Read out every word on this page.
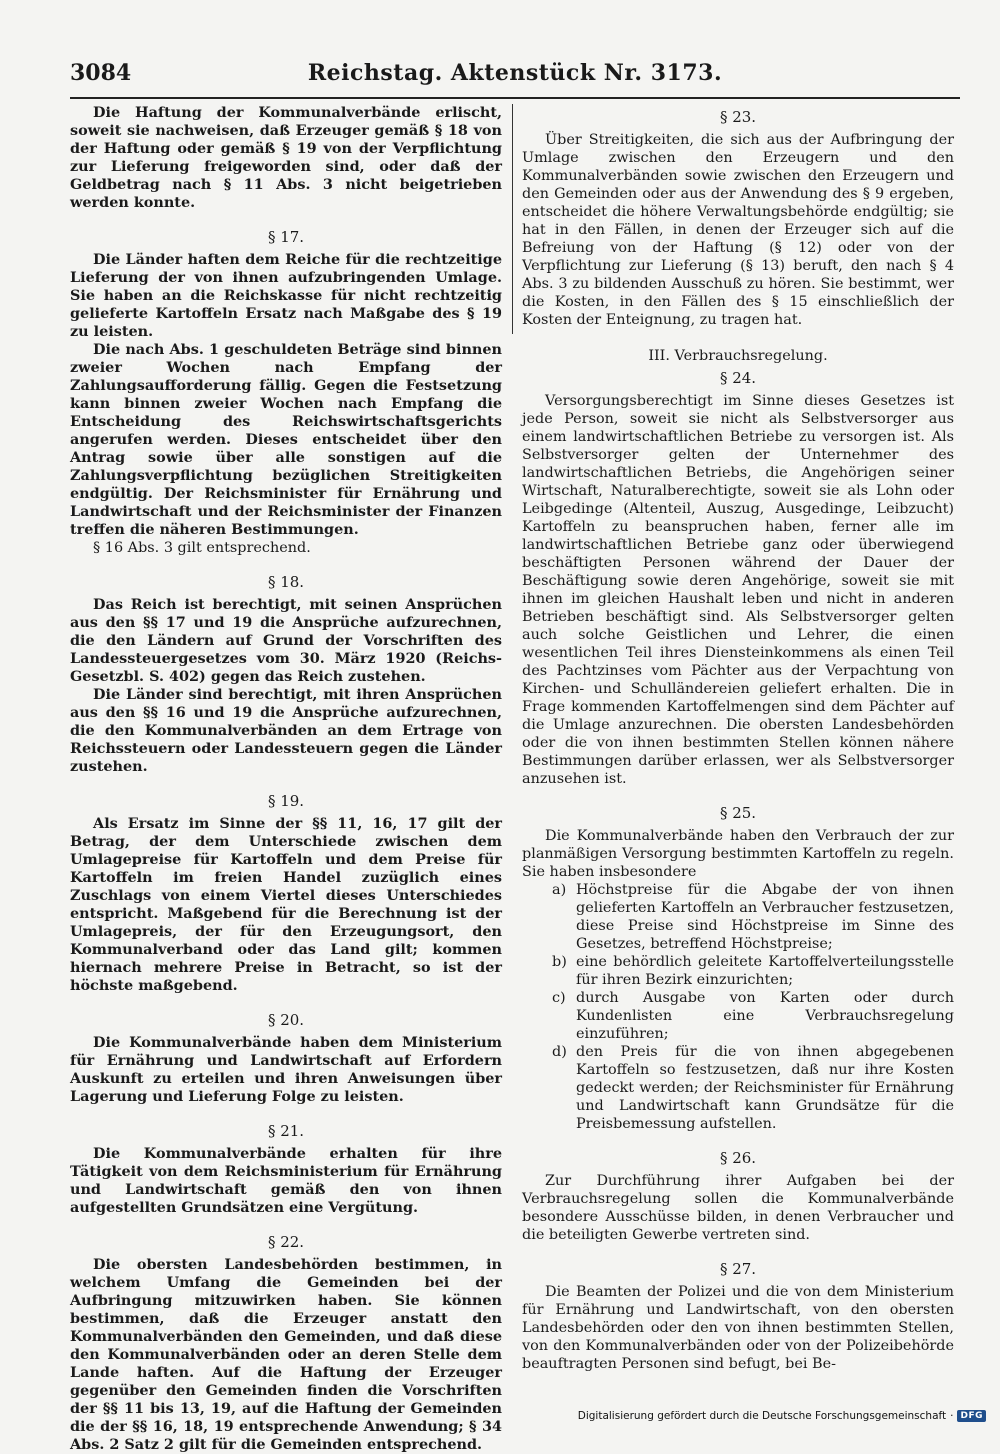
3084	Reichstag. Aktenstück Nr. 3173.

Die Haftung der Kommunalverbände erlischt, soweit sie nachweisen, daß Erzeuger gemäß § 18 von der Haftung oder gemäß § 19 von der Verpflichtung zur Lieferung freigeworden sind, oder daß der Geldbetrag nach § 11 Abs. 3 nicht beigetrieben werden konnte.

§ 17.

Die Länder haften dem Reiche für die rechtzeitige Lieferung der von ihnen aufzubringenden Umlage. Sie haben an die Reichskasse für nicht rechtzeitig gelieferte Kartoffeln Ersatz nach Maßgabe des § 19 zu leisten.

Die nach Abs. 1 geschuldeten Beträge sind binnen zweier Wochen nach Empfang der Zahlungsaufforderung fällig. Gegen die Festsetzung kann binnen zweier Wochen nach Empfang die Entscheidung des Reichswirtschaftsgerichts angerufen werden. Dieses entscheidet über den Antrag sowie über alle sonstigen auf die Zahlungsverpflichtung bezüglichen Streitigkeiten endgültig. Der Reichsminister für Ernährung und Landwirtschaft und der Reichsminister der Finanzen treffen die näheren Bestimmungen.

§ 16 Abs. 3 gilt entsprechend.

§ 18.

Das Reich ist berechtigt, mit seinen Ansprüchen aus den §§ 17 und 19 die Ansprüche aufzurechnen, die den Ländern auf Grund der Vorschriften des Landessteuergesetzes vom 30. März 1920 (Reichs-Gesetzbl. S. 402) gegen das Reich zustehen.

Die Länder sind berechtigt, mit ihren Ansprüchen aus den §§ 16 und 19 die Ansprüche aufzurechnen, die den Kommunalverbänden an dem Ertrage von Reichssteuern oder Landessteuern gegen die Länder zustehen.

§ 19.

Als Ersatz im Sinne der §§ 11, 16, 17 gilt der Betrag, der dem Unterschiede zwischen dem Umlagepreise für Kartoffeln und dem Preise für Kartoffeln im freien Handel zuzüglich eines Zuschlags von einem Viertel dieses Unterschiedes entspricht. Maßgebend für die Berechnung ist der Umlagepreis, der für den Erzeugungsort, den Kommunalverband oder das Land gilt; kommen hiernach mehrere Preise in Betracht, so ist der höchste maßgebend.

§ 20.

Die Kommunalverbände haben dem Ministerium für Ernährung und Landwirtschaft auf Erfordern Auskunft zu erteilen und ihren Anweisungen über Lagerung und Lieferung Folge zu leisten.

§ 21.

Die Kommunalverbände erhalten für ihre Tätigkeit von dem Reichsministerium für Ernährung und Landwirtschaft gemäß den von ihnen aufgestellten Grundsätzen eine Vergütung.

§ 22.

Die obersten Landesbehörden bestimmen, in welchem Umfang die Gemeinden bei der Aufbringung mitzuwirken haben. Sie können bestimmen, daß die Erzeuger anstatt den Kommunalverbänden den Gemeinden, und daß diese den Kommunalverbänden oder an deren Stelle dem Lande haften. Auf die Haftung der Erzeuger gegenüber den Gemeinden finden die Vorschriften der §§ 11 bis 13, 19, auf die Haftung der Gemeinden die der §§ 16, 18, 19 entsprechende Anwendung; § 34 Abs. 2 Satz 2 gilt für die Gemeinden entsprechend.

§ 23.

Über Streitigkeiten, die sich aus der Aufbringung der Umlage zwischen den Erzeugern und den Kommunalverbänden sowie zwischen den Erzeugern und den Gemeinden oder aus der Anwendung des § 9 ergeben, entscheidet die höhere Verwaltungsbehörde endgültig; sie hat in den Fällen, in denen der Erzeuger sich auf die Befreiung von der Haftung (§ 12) oder von der Verpflichtung zur Lieferung (§ 13) beruft, den nach § 4 Abs. 3 zu bildenden Ausschuß zu hören. Sie bestimmt, wer die Kosten, in den Fällen des § 15 einschließlich der Kosten der Enteignung, zu tragen hat.

III. Verbrauchsregelung.
§ 24.

Versorgungsberechtigt im Sinne dieses Gesetzes ist jede Person, soweit sie nicht als Selbstversorger aus einem landwirtschaftlichen Betriebe zu versorgen ist. Als Selbstversorger gelten der Unternehmer des landwirtschaftlichen Betriebs, die Angehörigen seiner Wirtschaft, Naturalberechtigte, soweit sie als Lohn oder Leibgedinge (Altenteil, Auszug, Ausgedinge, Leibzucht) Kartoffeln zu beanspruchen haben, ferner alle im landwirtschaftlichen Betriebe ganz oder überwiegend beschäftigten Personen während der Dauer der Beschäftigung sowie deren Angehörige, soweit sie mit ihnen im gleichen Haushalt leben und nicht in anderen Betrieben beschäftigt sind. Als Selbstversorger gelten auch solche Geistlichen und Lehrer, die einen wesentlichen Teil ihres Diensteinkommens als einen Teil des Pachtzinses vom Pächter aus der Verpachtung von Kirchen- und Schulländereien geliefert erhalten. Die in Frage kommenden Kartoffelmengen sind dem Pächter auf die Umlage anzurechnen. Die obersten Landesbehörden oder die von ihnen bestimmten Stellen können nähere Bestimmungen darüber erlassen, wer als Selbstversorger anzusehen ist.

§ 25.

Die Kommunalverbände haben den Verbrauch der zur planmäßigen Versorgung bestimmten Kartoffeln zu regeln. Sie haben insbesondere

a) Höchstpreise für die Abgabe der von ihnen gelieferten Kartoffeln an Verbraucher festzusetzen, diese Preise sind Höchstpreise im Sinne des Gesetzes, betreffend Höchstpreise;
b) eine behördlich geleitete Kartoffelverteilungsstelle für ihren Bezirk einzurichten;
c) durch Ausgabe von Karten oder durch Kundenlisten eine Verbrauchsregelung einzuführen;
d) den Preis für die von ihnen abgegebenen Kartoffeln so festzusetzen, daß nur ihre Kosten gedeckt werden; der Reichsminister für Ernährung und Landwirtschaft kann Grundsätze für die Preisbemessung aufstellen.
§ 26.

Zur Durchführung ihrer Aufgaben bei der Verbrauchsregelung sollen die Kommunalverbände besondere Ausschüsse bilden, in denen Verbraucher und die beteiligten Gewerbe vertreten sind.

§ 27.

Die Beamten der Polizei und die von dem Ministerium für Ernährung und Landwirtschaft, von den obersten Landesbehörden oder den von ihnen bestimmten Stellen, von den Kommunalverbänden oder von der Polizeibehörde beauftragten Personen sind befugt, bei Be-

Digitalisierung gefördert durch die Deutsche Forschungsgemeinschaft · DFG
